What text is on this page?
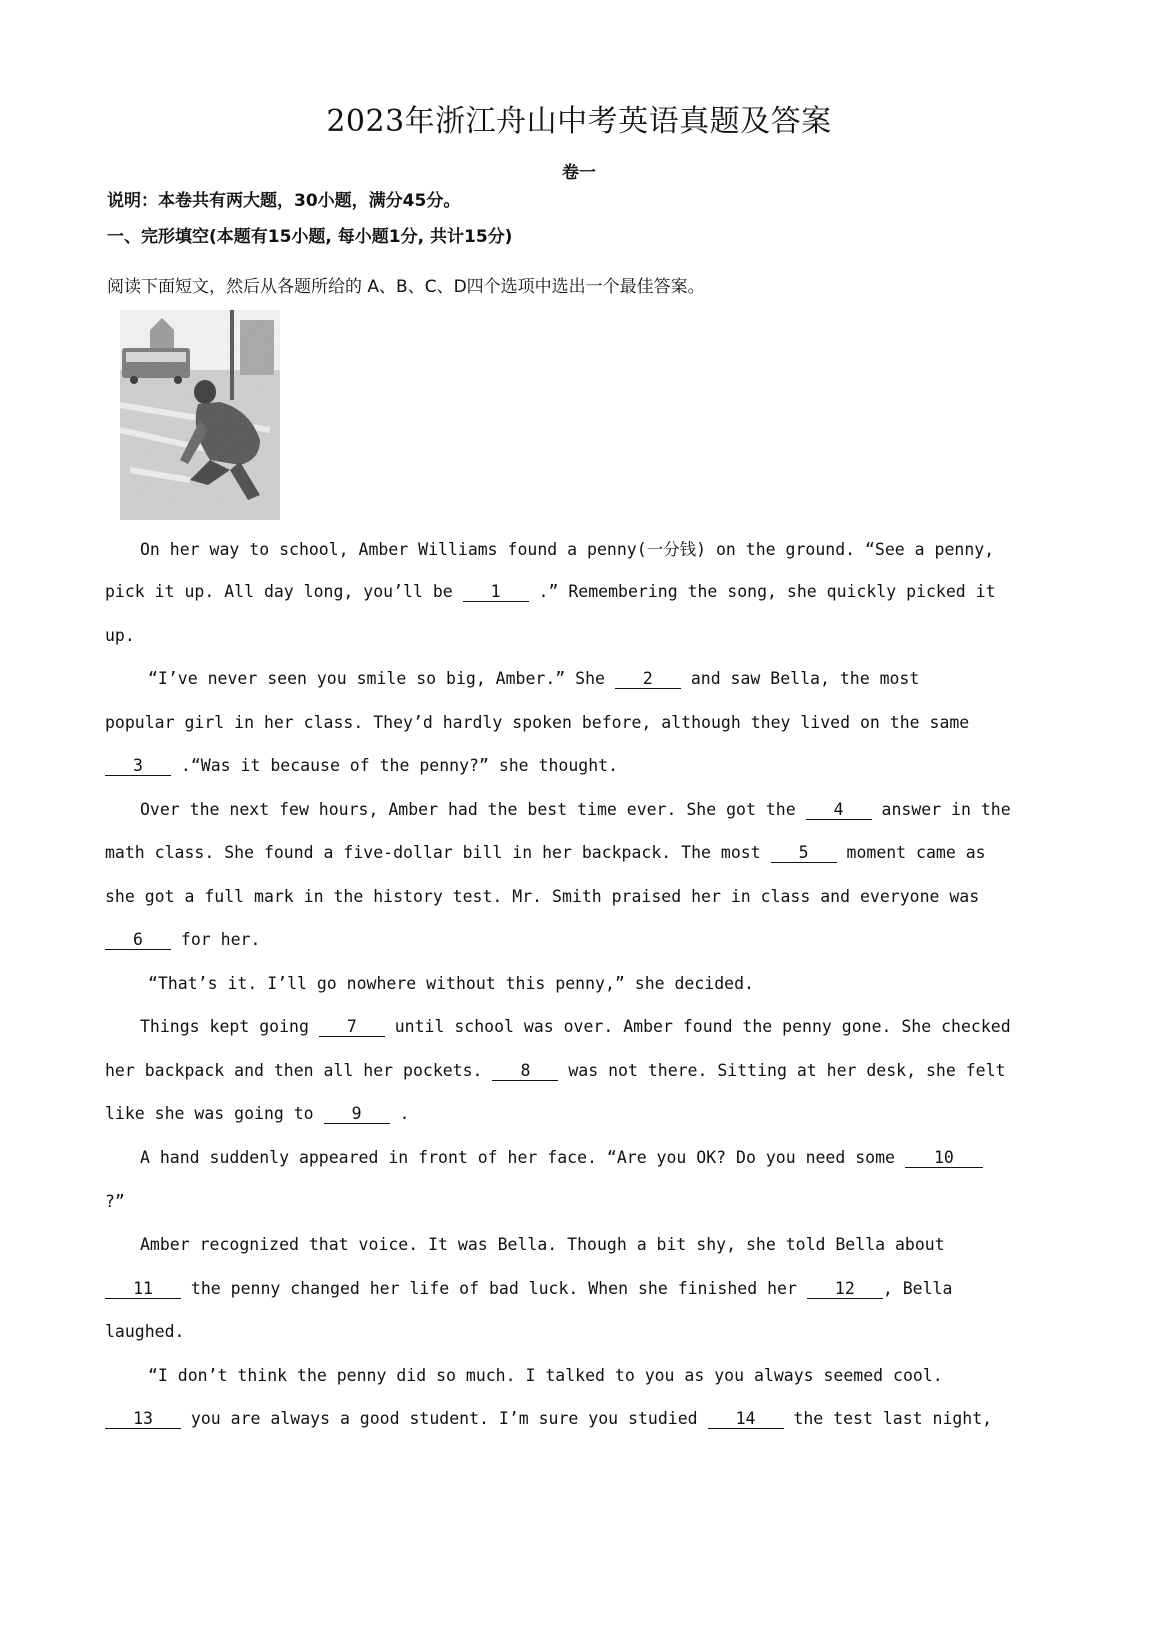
2023年浙江舟山中考英语真题及答案
卷一
说明：本卷共有两大题，30小题，满分45分。
一、完形填空(本题有15小题, 每小题1分, 共计15分)
阅读下面短文，然后从各题所给的 A、B、C、D四个选项中选出一个最佳答案。
On her way to school, Amber Williams found a penny(一分钱) on the ground. “See a penny,
pick it up. All day long, you’ll be 1 .” Remembering the song, she quickly picked it
up.
“I’ve never seen you smile so big, Amber.” She 2 and saw Bella, the most
popular girl in her class. They’d hardly spoken before, although they lived on the same
3 .“Was it because of the penny?” she thought.
Over the next few hours, Amber had the best time ever. She got the 4 answer in the
math class. She found a five-dollar bill in her backpack. The most 5 moment came as
she got a full mark in the history test. Mr. Smith praised her in class and everyone was
6 for her.
“That’s it. I’ll go nowhere without this penny,” she decided.
Things kept going 7 until school was over. Amber found the penny gone. She checked
her backpack and then all her pockets. 8 was not there. Sitting at her desk, she felt
like she was going to 9 .
A hand suddenly appeared in front of her face. “Are you OK? Do you need some 10
?”
Amber recognized that voice. It was Bella. Though a bit shy, she told Bella about
11 the penny changed her life of bad luck. When she finished her 12 , Bella
laughed.
“I don’t think the penny did so much. I talked to you as you always seemed cool.
13 you are always a good student. I’m sure you studied 14 the test last night,
